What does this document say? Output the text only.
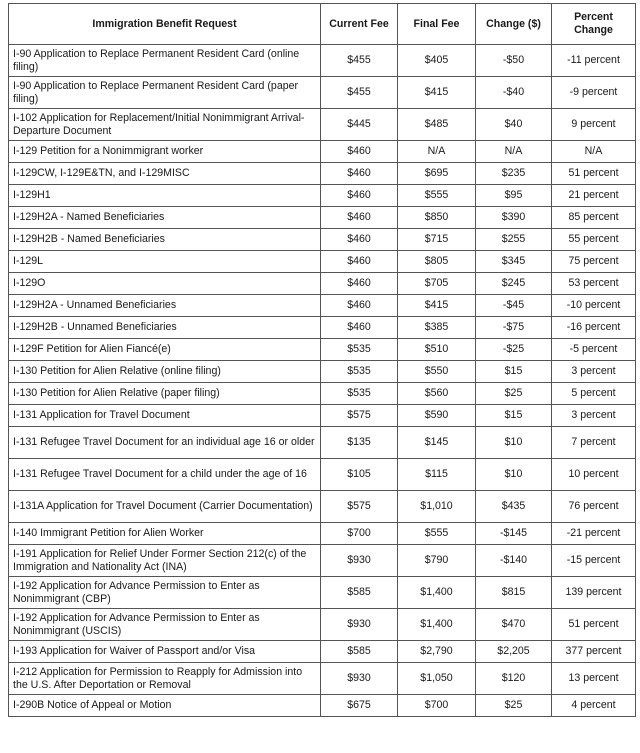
Immigration Benefit Request	Current Fee	Final Fee	Change ($)	Percent Change
I-90 Application to Replace Permanent Resident Card (online filing)	$455	$405	-$50	-11 percent
I-90 Application to Replace Permanent Resident Card (paper filing)	$455	$415	-$40	-9 percent
I-102 Application for Replacement/Initial Nonimmigrant Arrival-Departure Document	$445	$485	$40	9 percent
I-129 Petition for a Nonimmigrant worker	$460	N/A	N/A	N/A
I-129CW, I-129E&TN, and I-129MISC	$460	$695	$235	51 percent
I-129H1	$460	$555	$95	21 percent
I-129H2A - Named Beneficiaries	$460	$850	$390	85 percent
I-129H2B - Named Beneficiaries	$460	$715	$255	55 percent
I-129L	$460	$805	$345	75 percent
I-129O	$460	$705	$245	53 percent
I-129H2A - Unnamed Beneficiaries	$460	$415	-$45	-10 percent
I-129H2B - Unnamed Beneficiaries	$460	$385	-$75	-16 percent
I-129F Petition for Alien Fiancé(e)	$535	$510	-$25	-5 percent
I-130 Petition for Alien Relative (online filing)	$535	$550	$15	3 percent
I-130 Petition for Alien Relative (paper filing)	$535	$560	$25	5 percent
I-131 Application for Travel Document	$575	$590	$15	3 percent
I-131 Refugee Travel Document for an individual age 16 or older	$135	$145	$10	7 percent
I-131 Refugee Travel Document for a child under the age of 16	$105	$115	$10	10 percent
I-131A Application for Travel Document (Carrier Documentation)	$575	$1,010	$435	76 percent
I-140 Immigrant Petition for Alien Worker	$700	$555	-$145	-21 percent
I-191 Application for Relief Under Former Section 212(c) of the Immigration and Nationality Act (INA)	$930	$790	-$140	-15 percent
I-192 Application for Advance Permission to Enter as Nonimmigrant (CBP)	$585	$1,400	$815	139 percent
I-192 Application for Advance Permission to Enter as Nonimmigrant (USCIS)	$930	$1,400	$470	51 percent
I-193 Application for Waiver of Passport and/or Visa	$585	$2,790	$2,205	377 percent
I-212 Application for Permission to Reapply for Admission into the U.S. After Deportation or Removal	$930	$1,050	$120	13 percent
I-290B Notice of Appeal or Motion	$675	$700	$25	4 percent
